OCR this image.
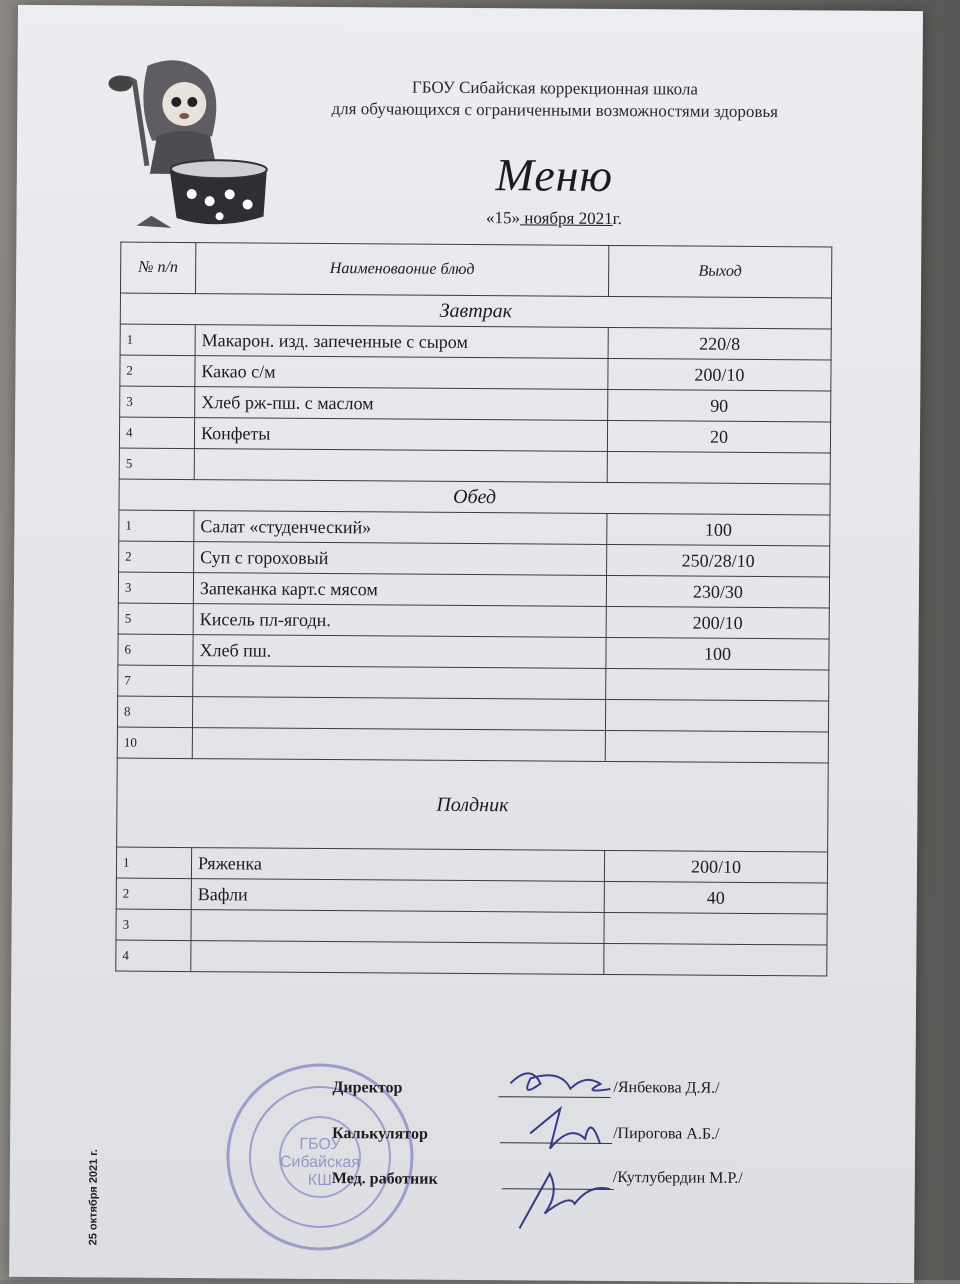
ГБОУ Сибайская коррекционная школа
для обучающихся с ограниченными возможностями здоровья
Меню
«15» ноября 2021г.
№ п/п	Наименоваоние блюд	Выход
Завтрак		
1	Макарон. изд. запеченные с сыром	220/8
2	Какао с/м	200/10
3	Хлеб рж-пш. с маслом	90
4	Конфеты	20
5		
Обед		
1	Салат «студенческий»	100
2	Суп с гороховый	250/28/10
3	Запеканка карт.с мясом	230/30
5	Кисель пл-ягодн.	200/10
6	Хлеб пш.	100
7		
8		
10		
Полдник		
1	Ряженка	200/10
2	Вафли	40
3		
4		
ГБОУ
Сибайская
КШ
25 октября 2021 г.
Директор	/Янбекова Д.Я./
Калькулятор	/Пирогова А.Б./
Мед. работник	/Кутлубердин М.Р./
